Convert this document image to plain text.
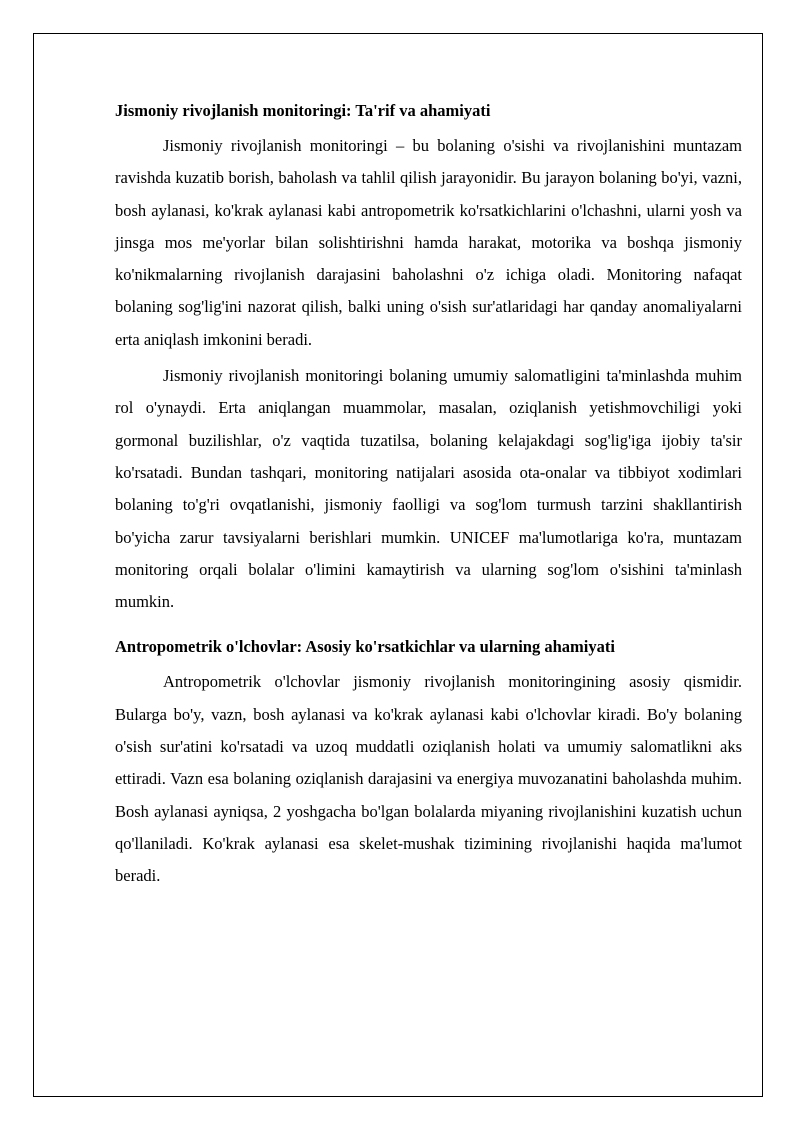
Jismoniy rivojlanish monitoringi: Ta'rif va ahamiyati

Jismoniy rivojlanish monitoringi – bu bolaning o'sishi va rivojlanishini muntazam ravishda kuzatib borish, baholash va tahlil qilish jarayonidir. Bu jarayon bolaning bo'yi, vazni, bosh aylanasi, ko'krak aylanasi kabi antropometrik ko'rsatkichlarini o'lchashni, ularni yosh va jinsga mos me'yorlar bilan solishtirishni hamda harakat, motorika va boshqa jismoniy ko'nikmalarning rivojlanish darajasini baholashni o'z ichiga oladi. Monitoring nafaqat bolaning sog'lig'ini nazorat qilish, balki uning o'sish sur'atlaridagi har qanday anomaliyalarni erta aniqlash imkonini beradi.

Jismoniy rivojlanish monitoringi bolaning umumiy salomatligini ta'minlashda muhim rol o'ynaydi. Erta aniqlangan muammolar, masalan, oziqlanish yetishmovchiligi yoki gormonal buzilishlar, o'z vaqtida tuzatilsa, bolaning kelajakdagi sog'lig'iga ijobiy ta'sir ko'rsatadi. Bundan tashqari, monitoring natijalari asosida ota-onalar va tibbiyot xodimlari bolaning to'g'ri ovqatlanishi, jismoniy faolligi va sog'lom turmush tarzini shakllantirish bo'yicha zarur tavsiyalarni berishlari mumkin. UNICEF ma'lumotlariga ko'ra, muntazam monitoring orqali bolalar o'limini kamaytirish va ularning sog'lom o'sishini ta'minlash mumkin.

Antropometrik o'lchovlar: Asosiy ko'rsatkichlar va ularning ahamiyati

Antropometrik o'lchovlar jismoniy rivojlanish monitoringining asosiy qismidir. Bularga bo'y, vazn, bosh aylanasi va ko'krak aylanasi kabi o'lchovlar kiradi. Bo'y bolaning o'sish sur'atini ko'rsatadi va uzoq muddatli oziqlanish holati va umumiy salomatlikni aks ettiradi. Vazn esa bolaning oziqlanish darajasini va energiya muvozanatini baholashda muhim. Bosh aylanasi ayniqsa, 2 yoshgacha bo'lgan bolalarda miyaning rivojlanishini kuzatish uchun qo'llaniladi. Ko'krak aylanasi esa skelet-mushak tizimining rivojlanishi haqida ma'lumot beradi.
